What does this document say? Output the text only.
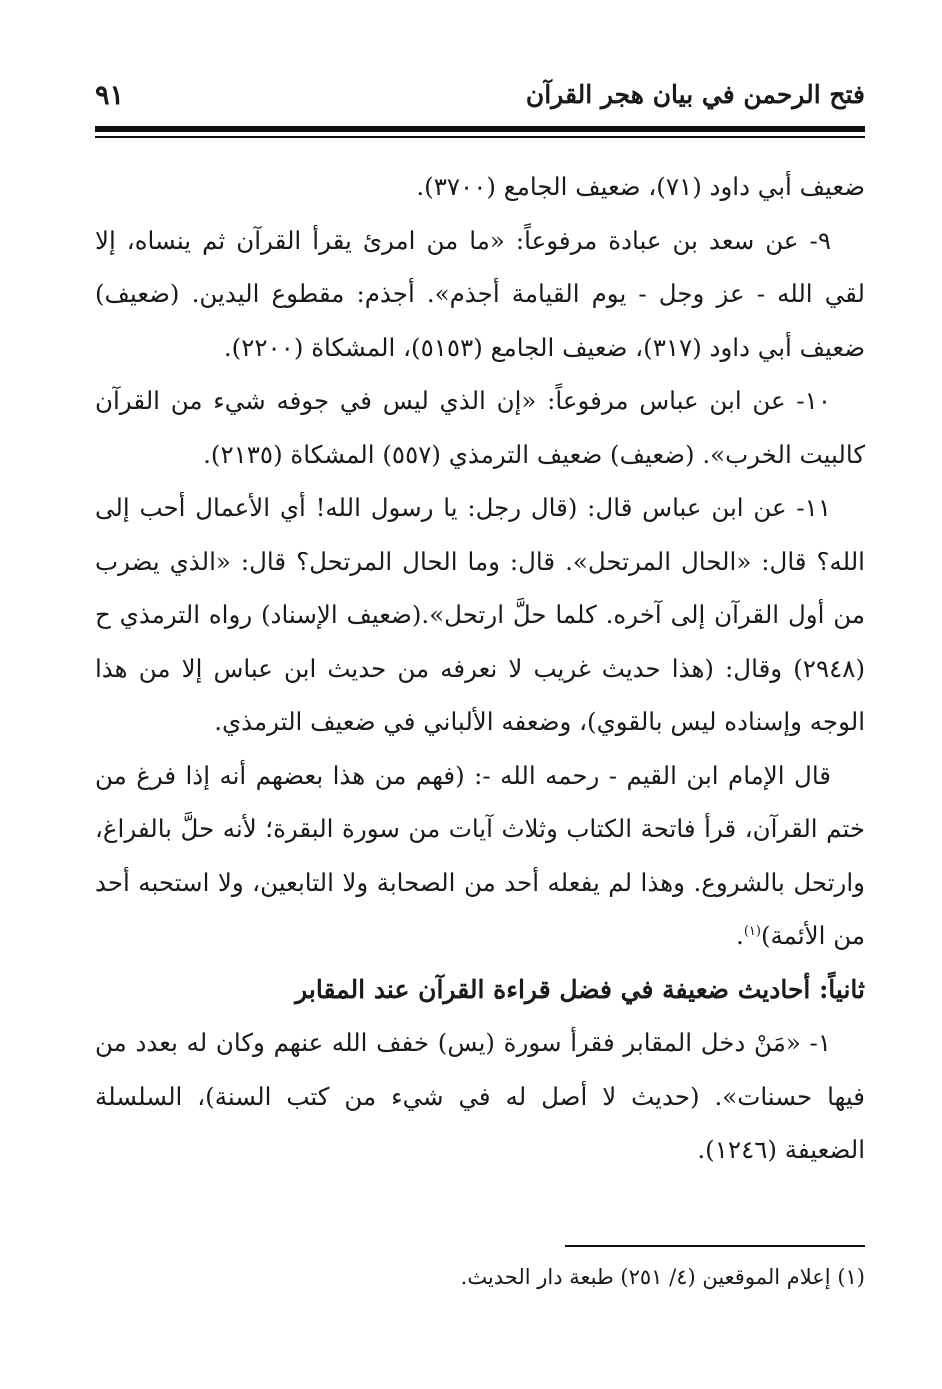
فتح الرحمن في بيان هجر القرآن
٩١

ضعيف أبي داود (٧١)، ضعيف الجامع (٣٧٠٠).

٩- عن سعد بن عبادة مرفوعاً: «ما من امرئ يقرأ القرآن ثم ينساه، إلا لقي الله - عز وجل - يوم القيامة أجذم». أجذم: مقطوع اليدين. (ضعيف) ضعيف أبي داود (٣١٧)، ضعيف الجامع (٥١٥٣)، المشكاة (٢٢٠٠).

١٠- عن ابن عباس مرفوعاً: «إن الذي ليس في جوفه شيء من القرآن كالبيت الخرب». (ضعيف) ضعيف الترمذي (٥٥٧) المشكاة (٢١٣٥).

١١- عن ابن عباس قال: (قال رجل: يا رسول الله! أي الأعمال أحب إلى الله؟ قال: «الحال المرتحل». قال: وما الحال المرتحل؟ قال: «الذي يضرب من أول القرآن إلى آخره. كلما حلَّ ارتحل».(ضعيف الإسناد) رواه الترمذي ح (٢٩٤٨) وقال: (هذا حديث غريب لا نعرفه من حديث ابن عباس إلا من هذا الوجه وإسناده ليس بالقوي)، وضعفه الألباني في ضعيف الترمذي.

قال الإمام ابن القيم - رحمه الله -: (فهم من هذا بعضهم أنه إذا فرغ من ختم القرآن، قرأ فاتحة الكتاب وثلاث آيات من سورة البقرة؛ لأنه حلَّ بالفراغ، وارتحل بالشروع. وهذا لم يفعله أحد من الصحابة ولا التابعين، ولا استحبه أحد من الأئمة)$^{(١)}$.

ثانياً: أحاديث ضعيفة في فضل قراءة القرآن عند المقابر

١- «مَنْ دخل المقابر فقرأ سورة (يس) خفف الله عنهم وكان له بعدد من فيها حسنات». (حديث لا أصل له في شيء من كتب السنة)، السلسلة الضعيفة (١٢٤٦).

(١) إعلام الموقعين (٤/ ٢٥١) طبعة دار الحديث.
